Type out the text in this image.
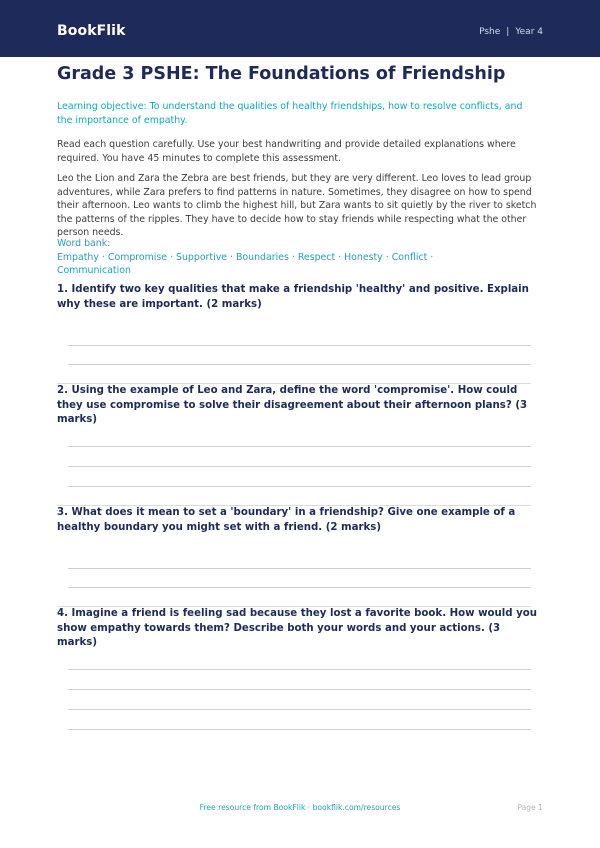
BookFlik	Pshe | Year 4
Grade 3 PSHE: The Foundations of Friendship
Learning objective: To understand the qualities of healthy friendships, how to resolve conflicts, and the importance of empathy.
Read each question carefully. Use your best handwriting and provide detailed explanations where required. You have 45 minutes to complete this assessment.
Leo the Lion and Zara the Zebra are best friends, but they are very different. Leo loves to lead group adventures, while Zara prefers to find patterns in nature. Sometimes, they disagree on how to spend their afternoon. Leo wants to climb the highest hill, but Zara wants to sit quietly by the river to sketch the patterns of the ripples. They have to decide how to stay friends while respecting what the other person needs.
Word bank: Empathy · Compromise · Supportive · Boundaries · Respect · Honesty · Conflict ·
Communication
1. Identify two key qualities that make a friendship 'healthy' and positive. Explain why these are important. (2 marks)
2. Using the example of Leo and Zara, define the word 'compromise'. How could they use compromise to solve their disagreement about their afternoon plans? (3 marks)
3. What does it mean to set a 'boundary' in a friendship? Give one example of a healthy boundary you might set with a friend. (2 marks)
4. Imagine a friend is feeling sad because they lost a favorite book. How would you show empathy towards them? Describe both your words and your actions. (3 marks)
Free resource from BookFlik · bookflik.com/resources	Page 1
